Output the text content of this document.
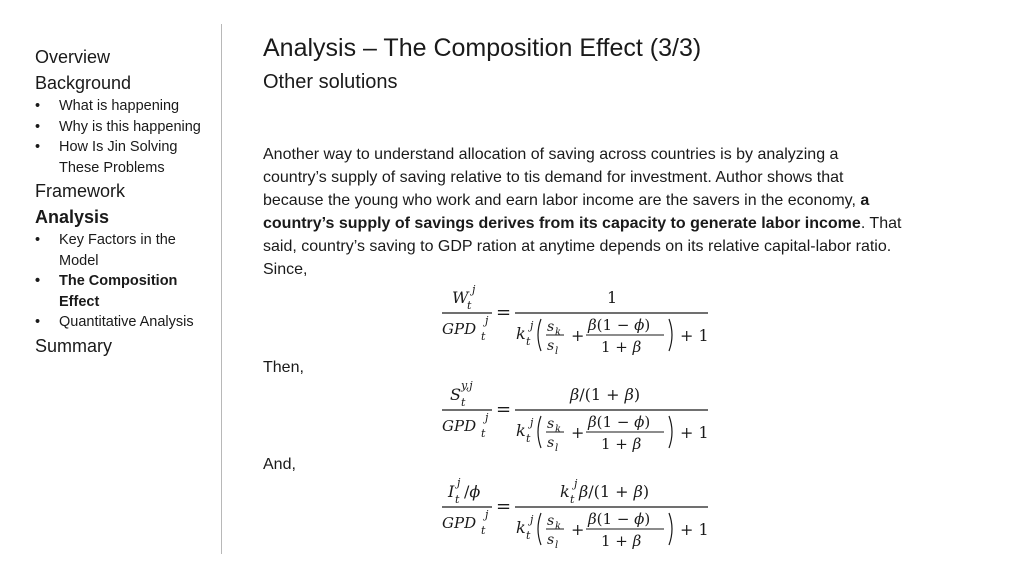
Overview
Background
• What is happening
• Why is this happening
• How Is Jin Solving These Problems
Framework
Analysis
• Key Factors in the Model
• The Composition Effect
• Quantitative Analysis
Summary
Analysis – The Composition Effect (3/3)
Other solutions
Another way to understand allocation of saving across countries is by analyzing a country’s supply of saving relative to tis demand for investment. Author shows that because the young who work and earn labor income are the savers in the economy, a country’s supply of savings derives from its capacity to generate labor income. That said, country’s saving to GDP ration at anytime depends on its relative capital-labor ratio. Since,
W
t
j
GPD t
j =
1
k t
j s k
s l
+
β(1 − ϕ)
1 + β
+ 1
Then,
S t
y,j
GPD t
j =
β/(1 + β)
k t
j s k
s l
+
β(1 − ϕ)
1 + β
+ 1
And,
I t
j /ϕ
GPD t
j =
k t
j β/(1 + β)
k t
j s k
s l
+
β(1 − ϕ)
1 + β
+ 1
